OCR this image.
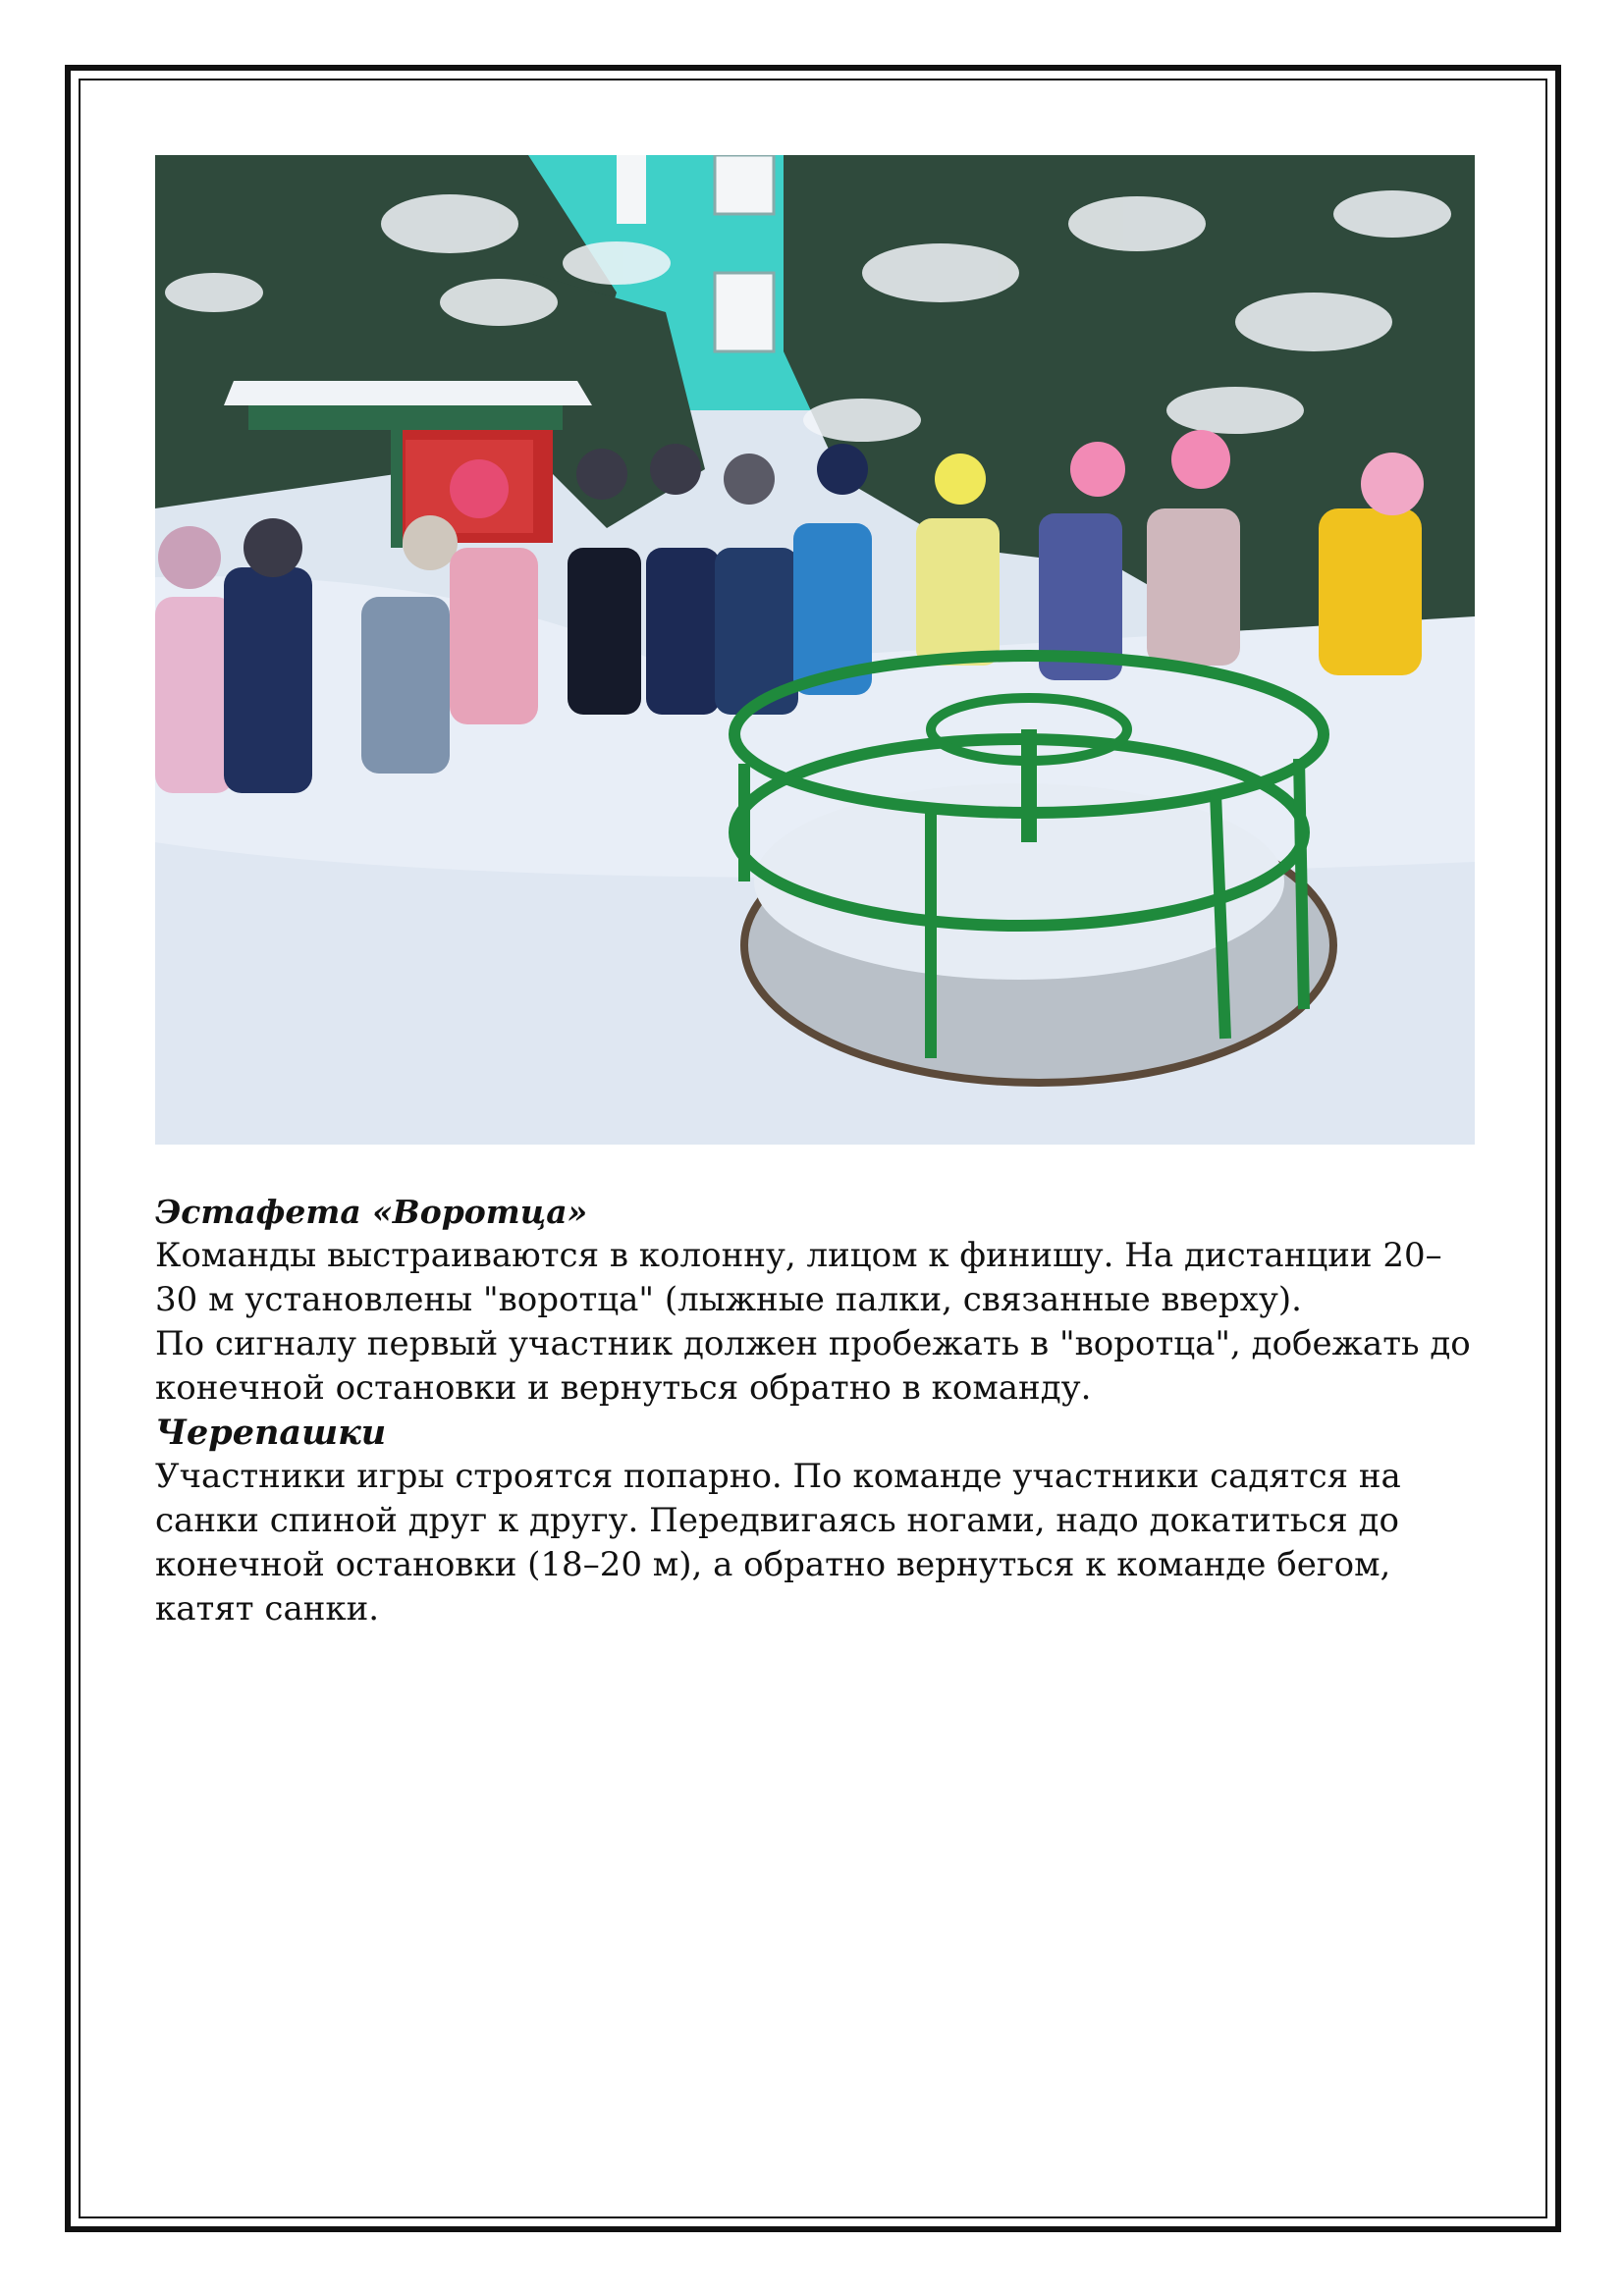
Эстафета «Воротца»

Команды выстраиваются в колонну, лицом к финишу. На дистанции 20–

30 м установлены "воротца" (лыжные палки, связанные вверху).

По сигналу первый участник должен пробежать в "воротца", добежать до

конечной остановки и вернуться обратно в команду.

Черепашки

Участники игры строятся попарно. По команде участники садятся на

санки спиной друг к другу. Передвигаясь ногами, надо докатиться до

конечной остановки (18–20 м), а обратно вернуться к команде бегом,

катят санки.
